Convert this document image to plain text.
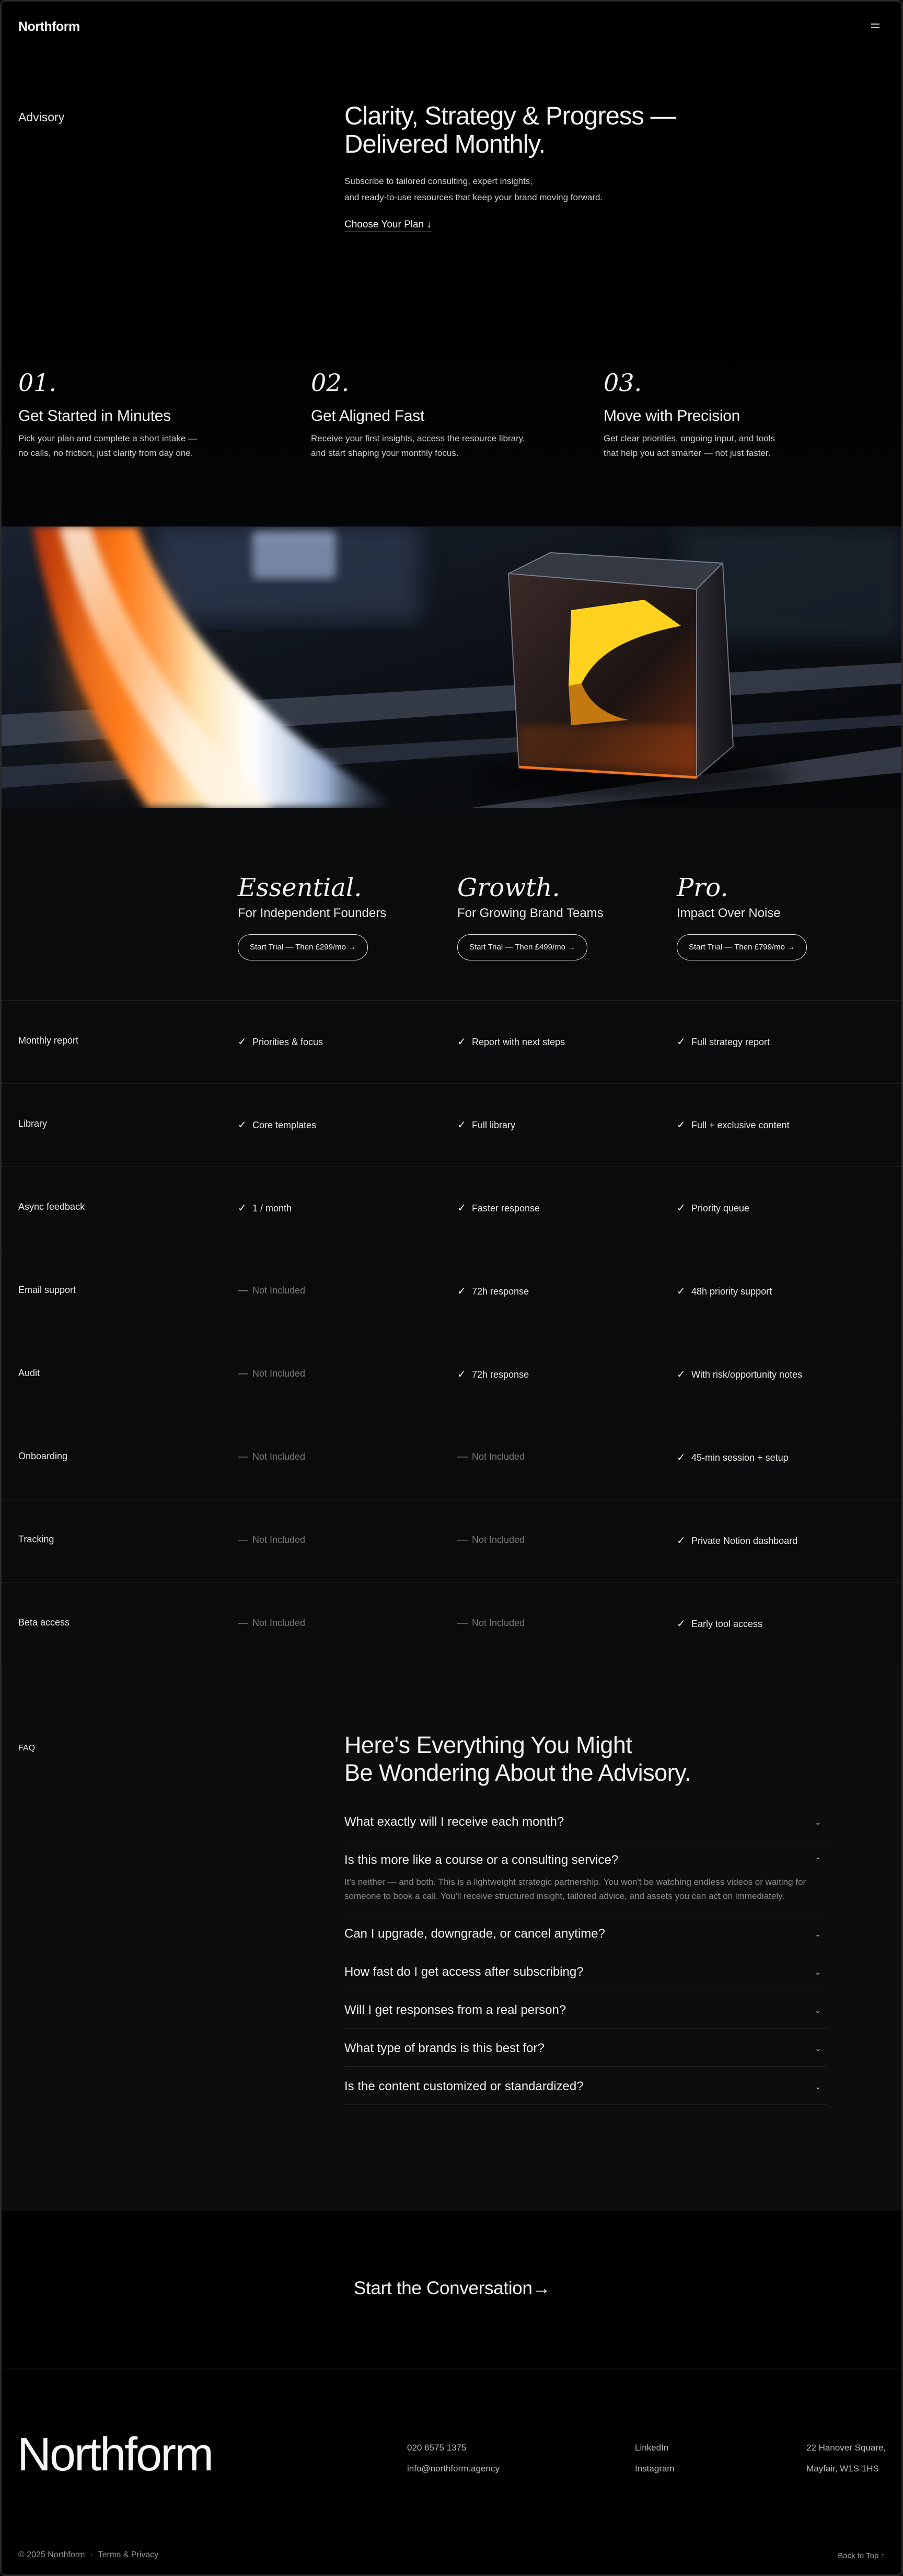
Northform
Advisory	Clarity, Strategy & Progress —
Delivered Monthly.

Subscribe to tailored consulting, expert insights,
and ready-to-use resources that keep your brand moving forward.

Choose Your Plan ↓
01.
Get Started in Minutes
Pick your plan and complete a short intake —
no calls, no friction, just clarity from day one.
02.
Get Aligned Fast
Receive your first insights, access the resource library,
and start shaping your monthly focus.
03.
Move with Precision
Get clear priorities, ongoing input, and tools
that help you act smarter — not just faster.
Essential.
For Independent Founders
Start Trial — Then £299/mo →
Growth.
For Growing Brand Teams
Start Trial — Then £499/mo →
Pro.
Impact Over Noise
Start Trial — Then £799/mo →
Monthly report	✓ Priorities & focus	✓ Report with next steps	✓ Full strategy report
Library	✓ Core templates	✓ Full library	✓ Full + exclusive content
Async feedback	✓ 1 / month	✓ Faster response	✓ Priority queue
Email support	— Not Included	✓ 72h response	✓ 48h priority support
Audit	— Not Included	✓ 72h response	✓ With risk/opportunity notes
Onboarding	— Not Included	— Not Included	✓ 45-min session + setup
Tracking	— Not Included	— Not Included	✓ Private Notion dashboard
Beta access	— Not Included	— Not Included	✓ Early tool access
FAQ	Here's Everything You Might
Be Wondering About the Advisory.
What exactly will I receive each month?	⌄
Is this more like a course or a consulting service?	⌃
It's neither — and both. This is a lightweight strategic partnership. You won't be watching endless videos or waiting for someone to book a call. You'll receive structured insight, tailored advice, and assets you can act on immediately.
Can I upgrade, downgrade, or cancel anytime?	⌄
How fast do I get access after subscribing?	⌄
Will I get responses from a real person?	⌄
What type of brands is this best for?	⌄
Is the content customized or standardized?	⌄
Start the Conversation→
Northform	020 6575 1375
info@northform.agency
LinkedIn
Instagram
22 Hanover Square,
Mayfair, W1S 1HS
© 2025 Northform · Terms & Privacy	Back to Top ↑
